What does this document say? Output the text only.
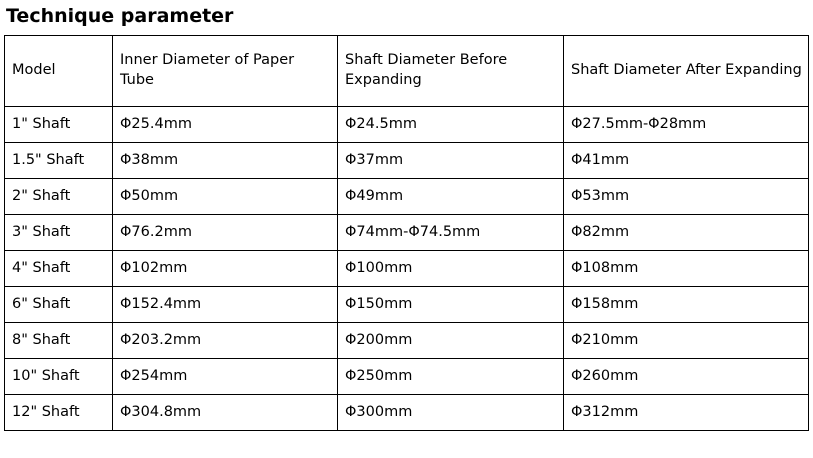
Technique parameter
Model	Inner Diameter of Paper Tube	Shaft Diameter Before Expanding	Shaft Diameter After Expanding
1" Shaft	Φ25.4mm	Φ24.5mm	Φ27.5mm-Φ28mm
1.5" Shaft	Φ38mm	Φ37mm	Φ41mm
2" Shaft	Φ50mm	Φ49mm	Φ53mm
3" Shaft	Φ76.2mm	Φ74mm-Φ74.5mm	Φ82mm
4" Shaft	Φ102mm	Φ100mm	Φ108mm
6" Shaft	Φ152.4mm	Φ150mm	Φ158mm
8" Shaft	Φ203.2mm	Φ200mm	Φ210mm
10" Shaft	Φ254mm	Φ250mm	Φ260mm
12" Shaft	Φ304.8mm	Φ300mm	Φ312mm
